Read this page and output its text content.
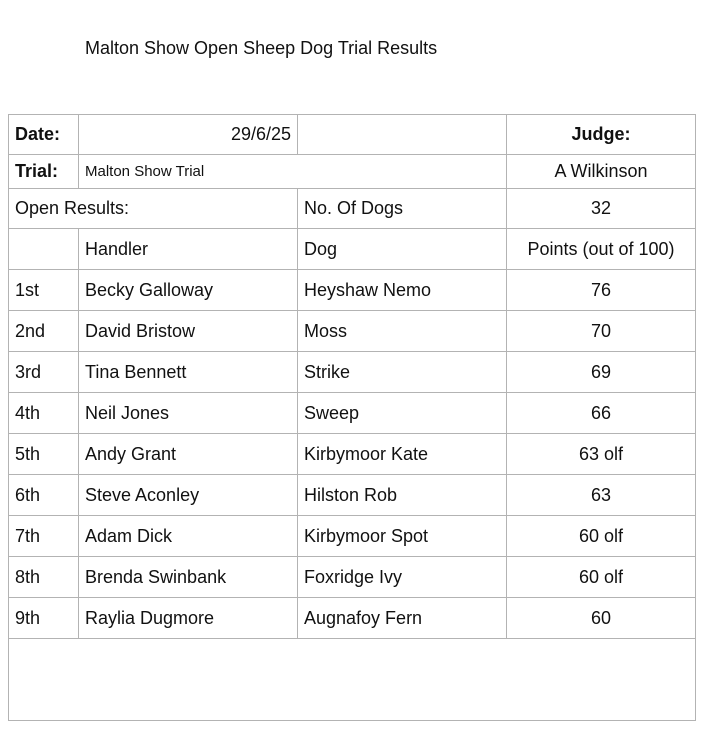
Malton Show Open Sheep Dog Trial Results
Date:	29/6/25		Judge:
Trial:	Malton Show Trial		A Wilkinson
Open Results:		No. Of Dogs	32
	Handler	Dog	Points (out of 100)
1st	Becky Galloway	Heyshaw Nemo	76
2nd	David Bristow	Moss	70
3rd	Tina Bennett	Strike	69
4th	Neil Jones	Sweep	66
5th	Andy Grant	Kirbymoor Kate	63 olf
6th	Steve Aconley	Hilston Rob	63
7th	Adam Dick	Kirbymoor Spot	60 olf
8th	Brenda Swinbank	Foxridge Ivy	60 olf
9th	Raylia Dugmore	Augnafoy Fern	60
